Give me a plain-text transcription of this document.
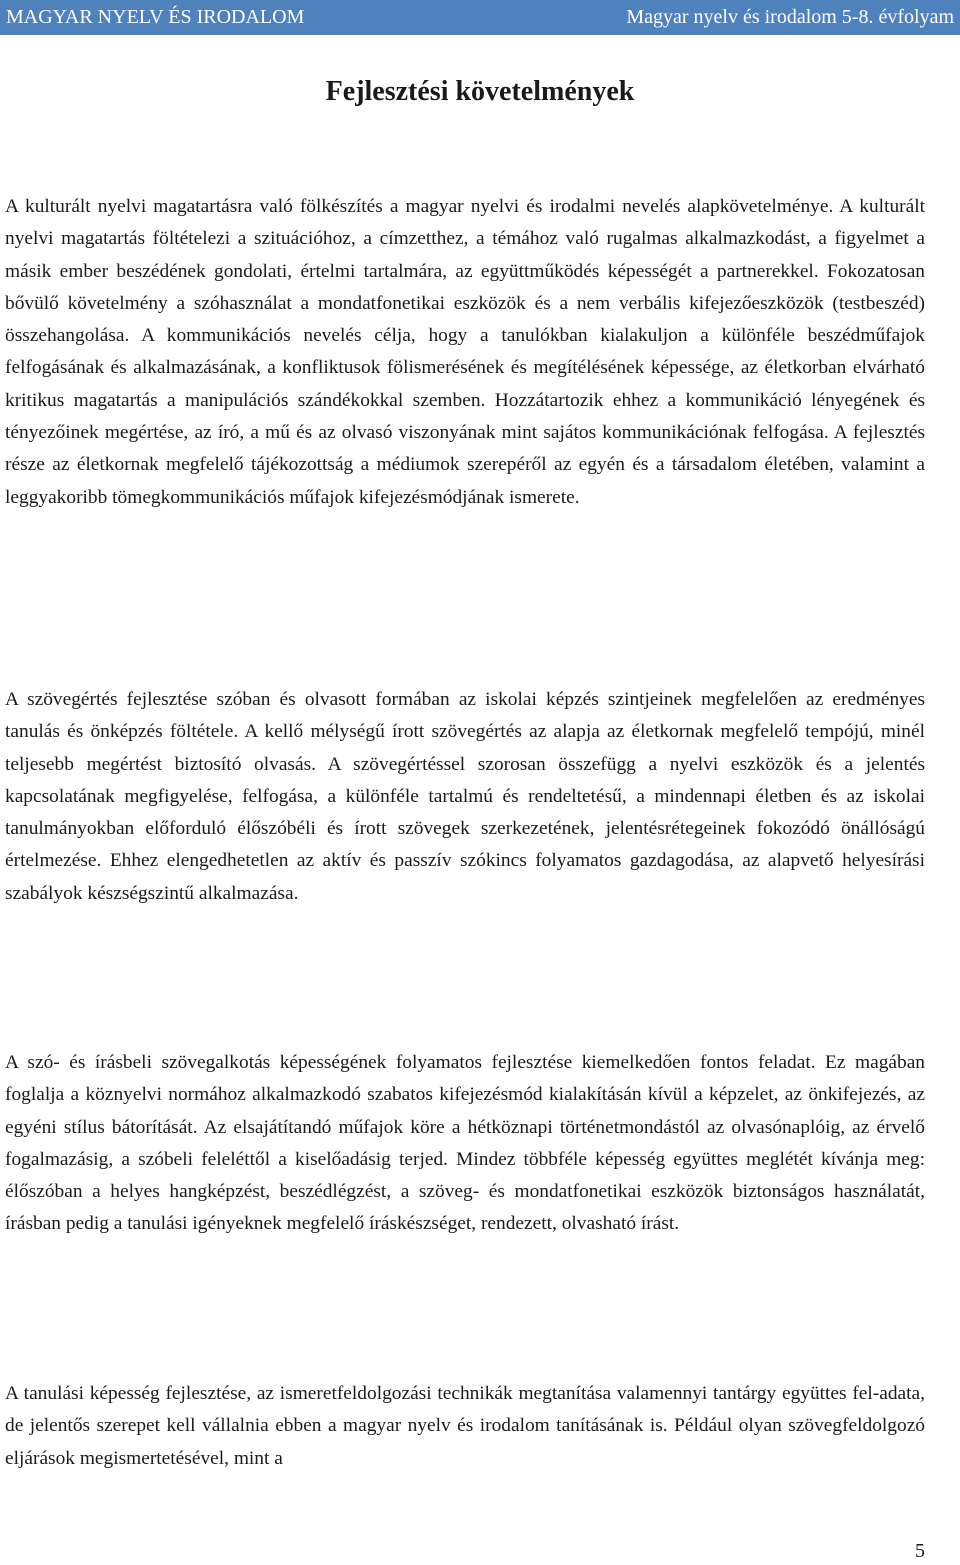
MAGYAR NYELV ÉS IRODALOM	Magyar nyelv és irodalom 5-8. évfolyam
Fejlesztési követelmények

A kulturált nyelvi magatartásra való fölkészítés a magyar nyelvi és irodalmi nevelés alapkövetelménye. A kulturált nyelvi magatartás föltételezi a szituációhoz, a címzetthez, a témához való rugalmas alkalmazkodást, a figyelmet a másik ember beszédének gondolati, értelmi tartalmára, az együttműködés képességét a partnerekkel. Fokozatosan bővülő követelmény a szóhasználat a mondatfonetikai eszközök és a nem verbális kifejezőeszközök (testbeszéd) összehangolása. A kommunikációs nevelés célja, hogy a tanulókban kialakuljon a különféle beszédműfajok felfogásának és alkalmazásának, a konfliktusok fölismerésének és megítélésének képessége, az életkorban elvárható kritikus magatartás a manipulációs szándékokkal szemben. Hozzátartozik ehhez a kommunikáció lényegének és tényezőinek megértése, az író, a mű és az olvasó viszonyának mint sajátos kommunikációnak felfogása. A fejlesztés része az életkornak megfelelő tájékozottság a médiumok szerepéről az egyén és a társadalom életében, valamint a leggyakoribb tömegkommunikációs műfajok kifejezésmódjának ismerete.

A szövegértés fejlesztése szóban és olvasott formában az iskolai képzés szintjeinek megfelelően az eredményes tanulás és önképzés föltétele. A kellő mélységű írott szövegértés az alapja az életkornak megfelelő tempójú, minél teljesebb megértést biztosító olvasás. A szövegértéssel szorosan összefügg a nyelvi eszközök és a jelentés kapcsolatának megfigyelése, felfogása, a különféle tartalmú és rendeltetésű, a mindennapi életben és az iskolai tanulmányokban előforduló élőszóbéli és írott szövegek szerkezetének, jelentésrétegeinek fokozódó önállóságú értelmezése. Ehhez elengedhetetlen az aktív és passzív szókincs folyamatos gazdagodása, az alapvető helyesírási szabályok készségszintű alkalmazása.

A szó- és írásbeli szövegalkotás képességének folyamatos fejlesztése kiemelkedően fontos feladat. Ez magában foglalja a köznyelvi normához alkalmazkodó szabatos kifejezésmód kialakításán kívül a képzelet, az önkifejezés, az egyéni stílus bátorítását. Az elsajátítandó műfajok köre a hétköznapi történetmondástól az olvasónaplóig, az érvelő fogalmazásig, a szóbeli feleléttől a kiselőadásig terjed. Mindez többféle képesség együttes meglétét kívánja meg: élőszóban a helyes hangképzést, beszédlégzést, a szöveg- és mondatfonetikai eszközök biztonságos használatát, írásban pedig a tanulási igényeknek megfelelő íráskészséget, rendezett, olvasható írást.

A tanulási képesség fejlesztése, az ismeretfeldolgozási technikák megtanítása valamennyi tantárgy együttes fel-adata, de jelentős szerepet kell vállalnia ebben a magyar nyelv és irodalom tanításának is. Például olyan szövegfeldolgozó eljárások megismertetésével, mint a

5
